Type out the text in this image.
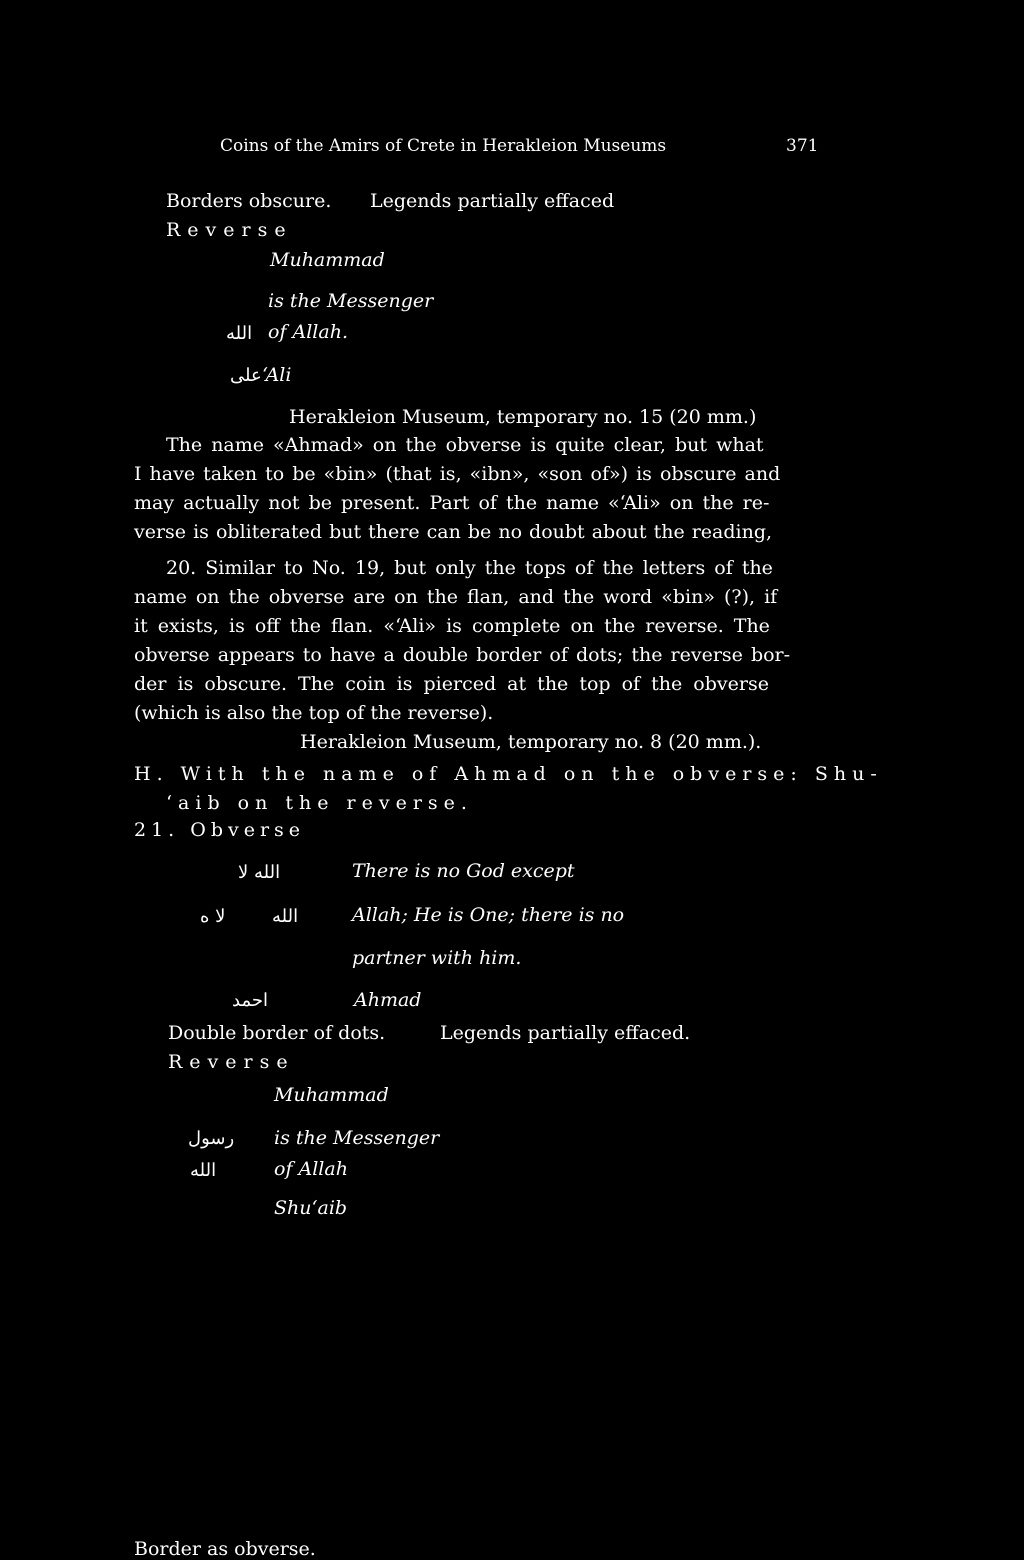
Coins of the Amirs of Crete in Herakleion Museums	371
Borders obscure. Legends partially effaced
Reverse
Muhammad
is the Messenger
الله of Allah.
على ‘Ali
Herakleion Museum, temporary no. 15 (20 mm.)
The name «Ahmad» on the obverse is quite clear, but what
I have taken to be «bin» (that is, «ibn», «son of») is obscure and
may actually not be present. Part of the name «‘Ali» on the re-
verse is obliterated but there can be no doubt about the reading,
20. Similar to No. 19, but only the tops of the letters of the
name on the obverse are on the flan, and the word «bin» (?), if
it exists, is off the flan. «‘Ali» is complete on the reverse. The
obverse appears to have a double border of dots; the reverse bor-
der is obscure. The coin is pierced at the top of the obverse
(which is also the top of the reverse).
Herakleion Museum, temporary no. 8 (20 mm.).
H. With the name of Ahmad on the obverse: Shu-
‘aib on the reverse.
21. Obverse
الله لا	There is no God except
لا ه	الله	Allah; He is One; there is no
partner with him.
احمد	Ahmad
Double border of dots.	Legends partially effaced.
Reverse
Muhammad
رسول is the Messenger
الله	of Allah
Shu‘aib
Border as obverse.
